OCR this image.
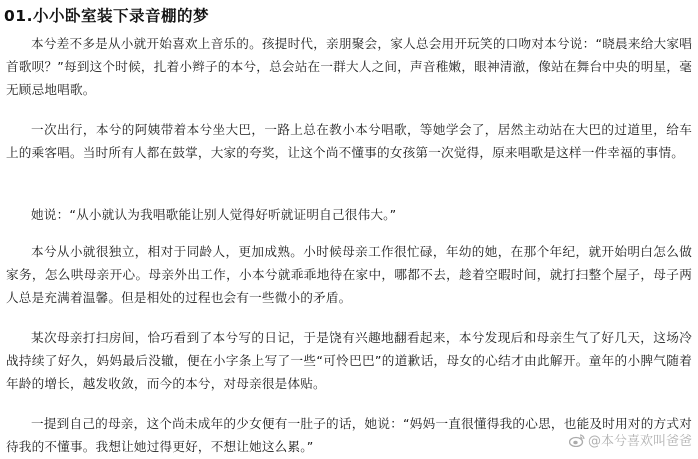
01.小小卧室装下录音棚的梦

本兮差不多是从小就开始喜欢上音乐的。孩提时代，亲朋聚会，家人总会用开玩笑的口吻对本兮说：“晓晨来给大家唱首歌呗？”每到这个时候，扎着小辫子的本兮，总会站在一群大人之间，声音稚嫩，眼神清澈，像站在舞台中央的明星，毫无顾忌地唱歌。

一次出行，本兮的阿姨带着本兮坐大巴，一路上总在教小本兮唱歌，等她学会了，居然主动站在大巴的过道里，给车上的乘客唱。当时所有人都在鼓掌，大家的夸奖，让这个尚不懂事的女孩第一次觉得，原来唱歌是这样一件幸福的事情。

她说：“从小就认为我唱歌能让别人觉得好听就证明自己很伟大。”

本兮从小就很独立，相对于同龄人，更加成熟。小时候母亲工作很忙碌，年幼的她，在那个年纪，就开始明白怎么做家务，怎么哄母亲开心。母亲外出工作，小本兮就乖乖地待在家中，哪都不去，趁着空暇时间，就打扫整个屋子，母子两人总是充满着温馨。但是相处的过程也会有一些微小的矛盾。

某次母亲打扫房间，恰巧看到了本兮写的日记，于是饶有兴趣地翻看起来，本兮发现后和母亲生气了好几天，这场冷战持续了好久，妈妈最后没辙，便在小字条上写了一些“可怜巴巴”的道歉话，母女的心结才由此解开。童年的小脾气随着年龄的增长，越发收敛，而今的本兮，对母亲很是体贴。

一提到自己的母亲，这个尚未成年的少女便有一肚子的话，她说：“妈妈一直很懂得我的心思，也能及时用对的方式对待我的不懂事。我想让她过得更好，不想让她这么累。”	@本兮喜欢叫爸爸
